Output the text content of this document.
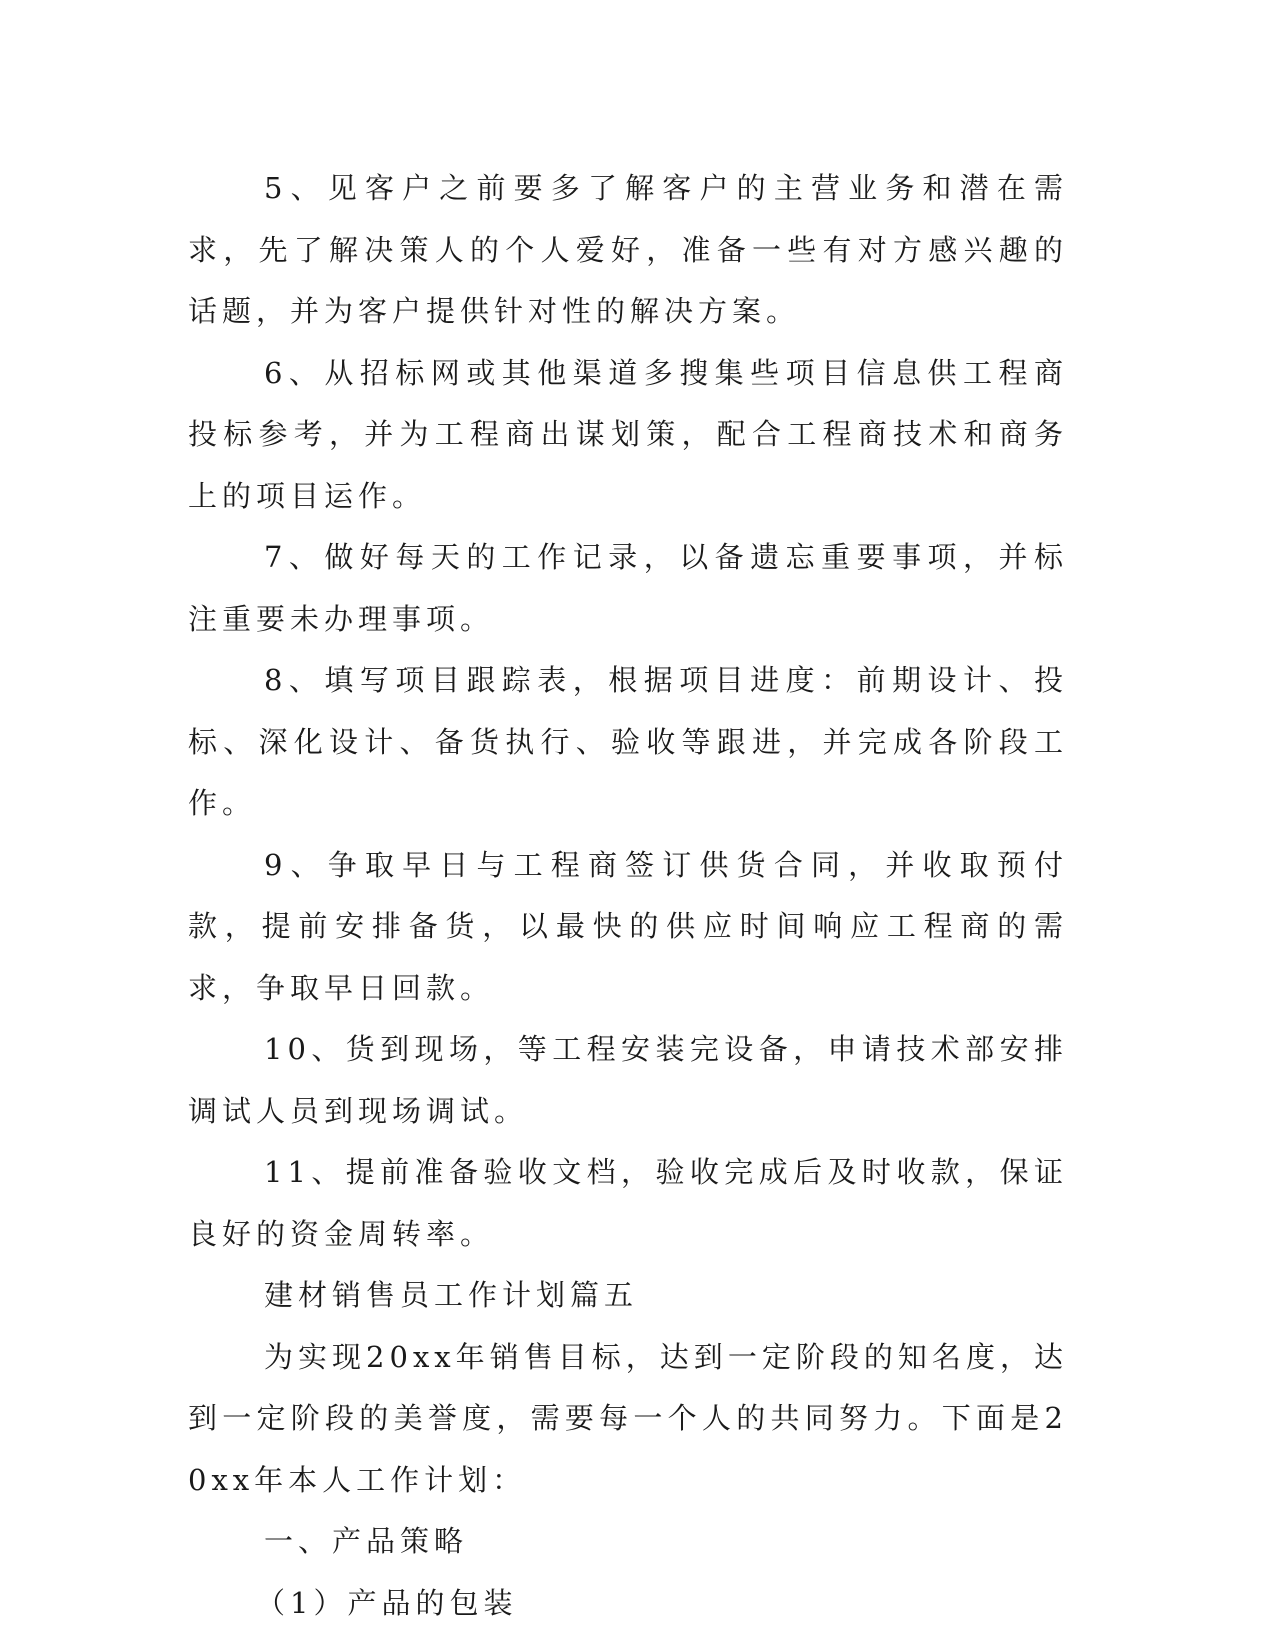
5、见客户之前要多了解客户的主营业务和潜在需求，先了解决策人的个人爱好，准备一些有对方感兴趣的话题，并为客户提供针对性的解决方案。

6、从招标网或其他渠道多搜集些项目信息供工程商投标参考，并为工程商出谋划策，配合工程商技术和商务上的项目运作。

7、做好每天的工作记录，以备遗忘重要事项，并标注重要未办理事项。

8、填写项目跟踪表，根据项目进度：前期设计、投标、深化设计、备货执行、验收等跟进，并完成各阶段工作。

9、争取早日与工程商签订供货合同，并收取预付款，提前安排备货，以最快的供应时间响应工程商的需求，争取早日回款。

10、货到现场，等工程安装完设备，申请技术部安排调试人员到现场调试。

11、提前准备验收文档，验收完成后及时收款，保证良好的资金周转率。

建材销售员工作计划篇五

为实现20xx年销售目标，达到一定阶段的知名度，达到一定阶段的美誉度，需要每一个人的共同努力。下面是20xx年本人工作计划：

一、产品策略

（1）产品的包装
